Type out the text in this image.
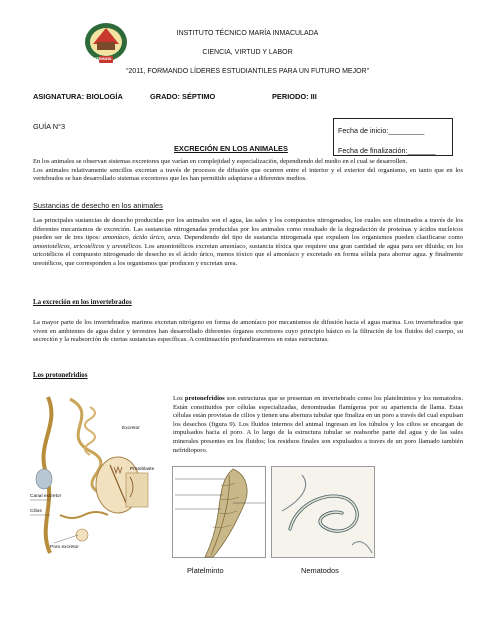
ITEMAIN
INSTITUTO TÉCNICO MARÍA INMACULADA
CIENCIA, VIRTUD Y LABOR
“2011, FORMANDO LÍDERES ESTUDIANTILES PARA UN FUTURO MEJOR”
ASIGNATURA: BIOLOGÍA	GRADO: SÉPTIMO	PERIODO: III
GUÍA N°3
EXCRECIÓN EN LOS ANIMALES
Fecha de inicio:_________
Fecha de finalización:_______

En los animales se observan sistemas excretores que varían en complejidad y especialización, dependiendo del medio en el cual se desarrollen.

Los animales relativamente sencillos excretan a través de procesos de difusión que ocurren entre el interior y el exterior del organismo, en tanto que en los vertebrados se han desarrollado sistemas excretores que les han permitido adaptarse a diferentes medios.

Sustancias de desecho en los animales

Las principales sustancias de desecho producidas por los animales son el agua, las sales y los compuestos nitrogenados, los cuales son eliminados a través de los diferentes mecanismos de excreción. Las sustancias nitrogenadas producidas por los animales como resultado de la degradación de proteínas y ácidos nucleicos pueden ser de tres tipos: amoníaco, ácido úrico, urea. Dependiendo del tipo de sustancia nitrogenada que expulsen los organismos pueden clasificarse como amoniotélicos, uricotélicos y ureotélicos. Los amoniotélicos excretan amoníaco, sustancia tóxica que requiere una gran cantidad de agua para ser diluida; en los uricotélicos el compuesto nitrogenado de desecho es el ácido úrico, menos tóxico que el amoníaco y excretado en forma sólida para ahorrar agua. y finalmente ureotélicos, que corresponden a los organismos que producen y excretan urea.

La excreción en los invertebrados

La mayor parte de los invertebrados marinos excretan nitrógeno en forma de amoníaco por mecanismos de difusión hacia el agua marina. Los invertebrados que viven en ambientes de agua dulce y terrestres han desarrollado diferentes órganos excretores cuyo principio básico es la filtración de los fluidos del cuerpo, su secreción y la reabsorción de ciertas sustancias específicas. A continuación profundizaremos en estas estructuras.

Los protonefridios

Los protonefridios son estructuras que se presentan en invertebrado como los platelmintos y los nematodos. Están constituidos por células especializadas, denominadas flamígeras por su apariencia de llama. Estas células están provistas de cilios y tienen una abertura tubular que finaliza en un poro a través del cual expulsan los desechos (figura 9). Los fluidos internos del animal ingresan en los túbulos y los cilios se encargan de impulsados hacia el poro. A lo largo de la estructura tubular se reabsorbe parte del agua y de las sales minerales presentes en los fluidos; los residuos finales son expulsados a traves de un poro llamado también nefridioporo.

Excretor
Protoblaste
Canal excretor
Cilios
Poro excretor
Platelminto	Nematodos
